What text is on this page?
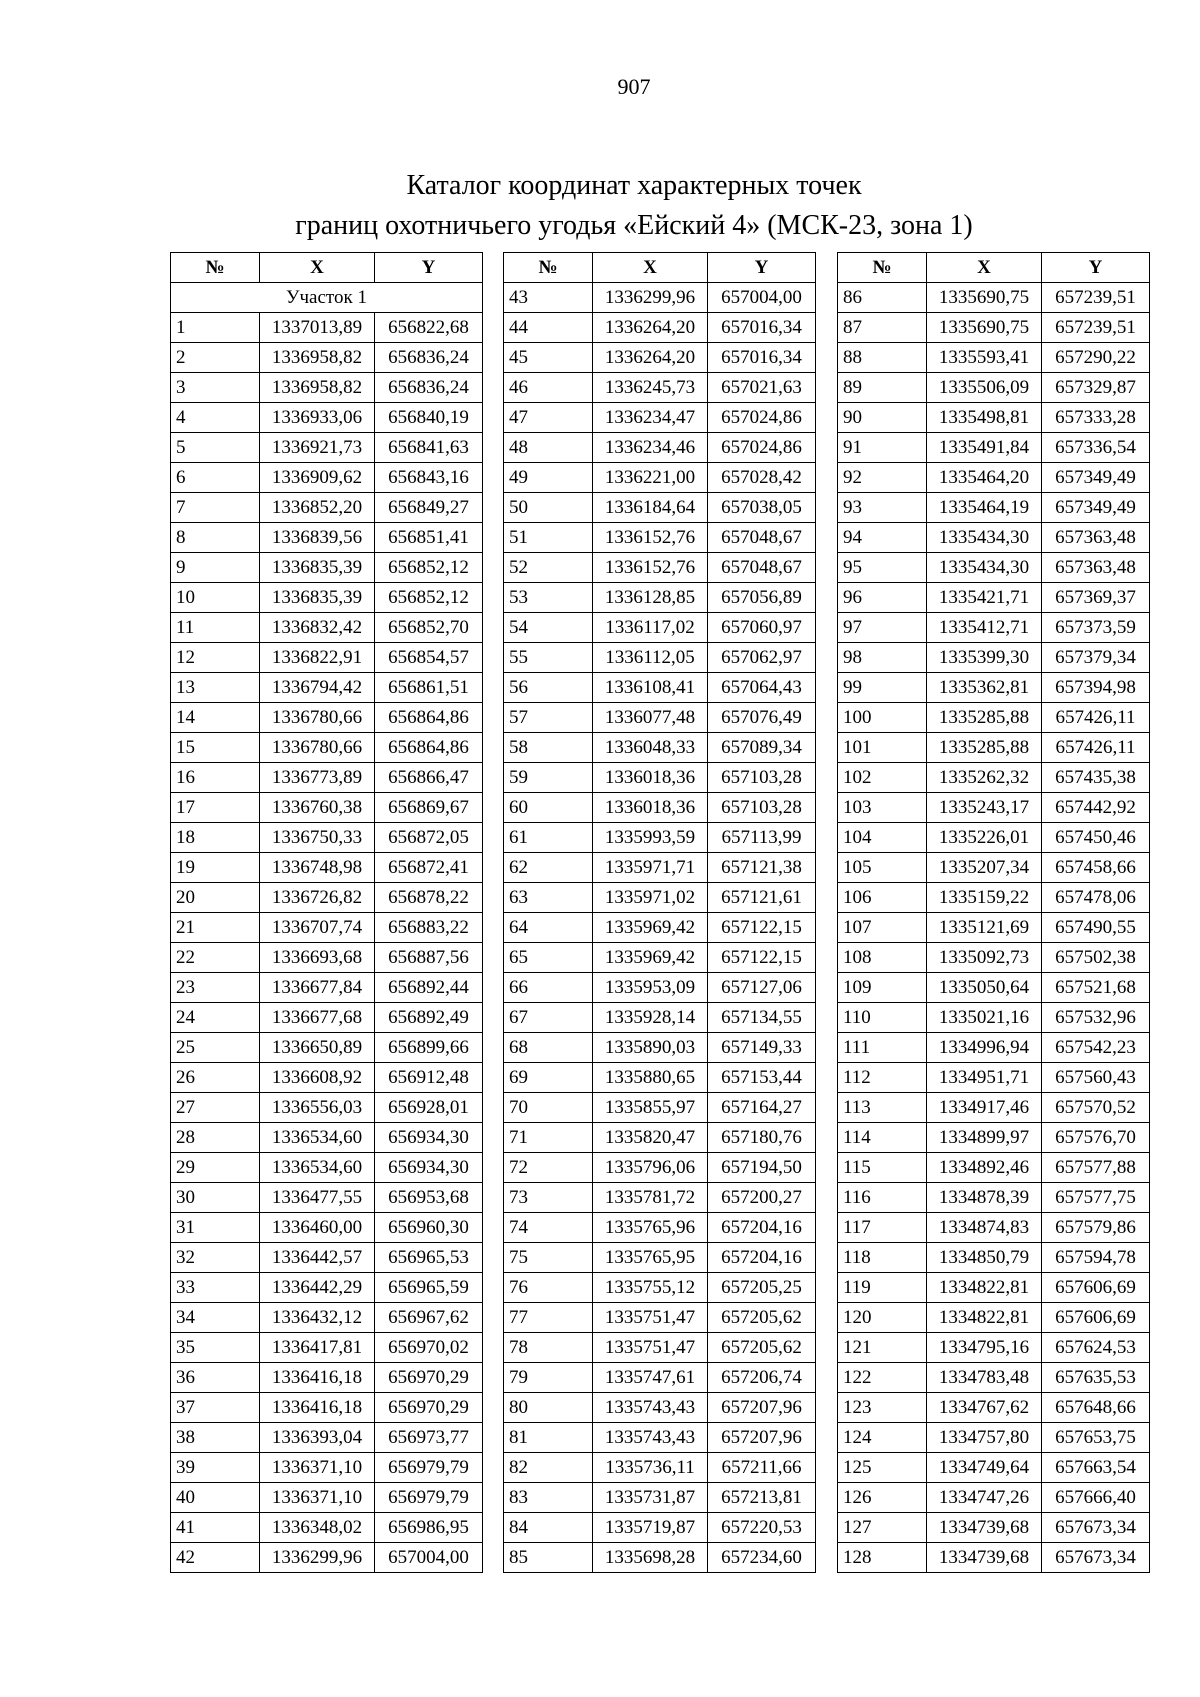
907
Каталог координат характерных точек
границ охотничьего угодья «Ейский 4» (МСК-23, зона 1)
№	X	Y
Участок 1		
1	1337013,89	656822,68
2	1336958,82	656836,24
3	1336958,82	656836,24
4	1336933,06	656840,19
5	1336921,73	656841,63
6	1336909,62	656843,16
7	1336852,20	656849,27
8	1336839,56	656851,41
9	1336835,39	656852,12
10	1336835,39	656852,12
11	1336832,42	656852,70
12	1336822,91	656854,57
13	1336794,42	656861,51
14	1336780,66	656864,86
15	1336780,66	656864,86
16	1336773,89	656866,47
17	1336760,38	656869,67
18	1336750,33	656872,05
19	1336748,98	656872,41
20	1336726,82	656878,22
21	1336707,74	656883,22
22	1336693,68	656887,56
23	1336677,84	656892,44
24	1336677,68	656892,49
25	1336650,89	656899,66
26	1336608,92	656912,48
27	1336556,03	656928,01
28	1336534,60	656934,30
29	1336534,60	656934,30
30	1336477,55	656953,68
31	1336460,00	656960,30
32	1336442,57	656965,53
33	1336442,29	656965,59
34	1336432,12	656967,62
35	1336417,81	656970,02
36	1336416,18	656970,29
37	1336416,18	656970,29
38	1336393,04	656973,77
39	1336371,10	656979,79
40	1336371,10	656979,79
41	1336348,02	656986,95
42	1336299,96	657004,00
№	X	Y
43	1336299,96	657004,00
44	1336264,20	657016,34
45	1336264,20	657016,34
46	1336245,73	657021,63
47	1336234,47	657024,86
48	1336234,46	657024,86
49	1336221,00	657028,42
50	1336184,64	657038,05
51	1336152,76	657048,67
52	1336152,76	657048,67
53	1336128,85	657056,89
54	1336117,02	657060,97
55	1336112,05	657062,97
56	1336108,41	657064,43
57	1336077,48	657076,49
58	1336048,33	657089,34
59	1336018,36	657103,28
60	1336018,36	657103,28
61	1335993,59	657113,99
62	1335971,71	657121,38
63	1335971,02	657121,61
64	1335969,42	657122,15
65	1335969,42	657122,15
66	1335953,09	657127,06
67	1335928,14	657134,55
68	1335890,03	657149,33
69	1335880,65	657153,44
70	1335855,97	657164,27
71	1335820,47	657180,76
72	1335796,06	657194,50
73	1335781,72	657200,27
74	1335765,96	657204,16
75	1335765,95	657204,16
76	1335755,12	657205,25
77	1335751,47	657205,62
78	1335751,47	657205,62
79	1335747,61	657206,74
80	1335743,43	657207,96
81	1335743,43	657207,96
82	1335736,11	657211,66
83	1335731,87	657213,81
84	1335719,87	657220,53
85	1335698,28	657234,60
№	X	Y
86	1335690,75	657239,51
87	1335690,75	657239,51
88	1335593,41	657290,22
89	1335506,09	657329,87
90	1335498,81	657333,28
91	1335491,84	657336,54
92	1335464,20	657349,49
93	1335464,19	657349,49
94	1335434,30	657363,48
95	1335434,30	657363,48
96	1335421,71	657369,37
97	1335412,71	657373,59
98	1335399,30	657379,34
99	1335362,81	657394,98
100	1335285,88	657426,11
101	1335285,88	657426,11
102	1335262,32	657435,38
103	1335243,17	657442,92
104	1335226,01	657450,46
105	1335207,34	657458,66
106	1335159,22	657478,06
107	1335121,69	657490,55
108	1335092,73	657502,38
109	1335050,64	657521,68
110	1335021,16	657532,96
111	1334996,94	657542,23
112	1334951,71	657560,43
113	1334917,46	657570,52
114	1334899,97	657576,70
115	1334892,46	657577,88
116	1334878,39	657577,75
117	1334874,83	657579,86
118	1334850,79	657594,78
119	1334822,81	657606,69
120	1334822,81	657606,69
121	1334795,16	657624,53
122	1334783,48	657635,53
123	1334767,62	657648,66
124	1334757,80	657653,75
125	1334749,64	657663,54
126	1334747,26	657666,40
127	1334739,68	657673,34
128	1334739,68	657673,34
